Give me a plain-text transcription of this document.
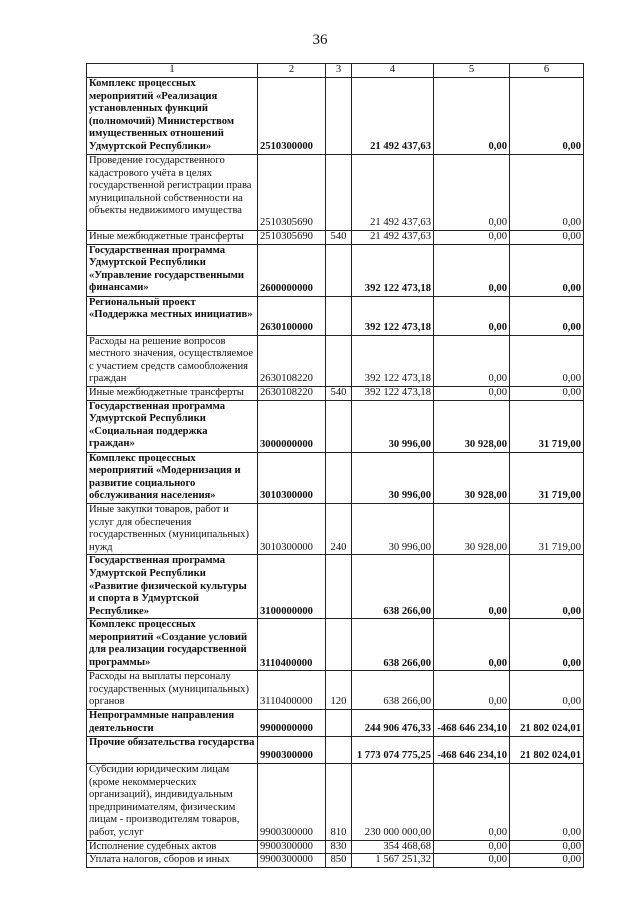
36
1	2	3	4	5	6
Комплекс процессных мероприятий «Реализация установленных функций (полномочий) Министерством имущественных отношений Удмуртской Республики»	2510300000		21 492 437,63	0,00	0,00
Проведение государственного кадастрового учёта в целях государственной регистрации права муниципальной собственности на объекты недвижимого имущества	2510305690		21 492 437,63	0,00	0,00
Иные межбюджетные трансферты	2510305690	540	21 492 437,63	0,00	0,00
Государственная программа Удмуртской Республики «Управление государственными финансами»	2600000000		392 122 473,18	0,00	0,00
Региональный проект «Поддержка местных инициатив»	2630100000		392 122 473,18	0,00	0,00
Расходы на решение вопросов местного значения, осуществляемое с участием средств самообложения граждан	2630108220		392 122 473,18	0,00	0,00
Иные межбюджетные трансферты	2630108220	540	392 122 473,18	0,00	0,00
Государственная программа Удмуртской Республики «Социальная поддержка граждан»	3000000000		30 996,00	30 928,00	31 719,00
Комплекс процессных мероприятий «Модернизация и развитие социального обслуживания населения»	3010300000		30 996,00	30 928,00	31 719,00
Иные закупки товаров, работ и услуг для обеспечения государственных (муниципальных) нужд	3010300000	240	30 996,00	30 928,00	31 719,00
Государственная программа Удмуртской Республики «Развитие физической культуры и спорта в Удмуртской Республике»	3100000000		638 266,00	0,00	0,00
Комплекс процессных мероприятий «Создание условий для реализации государственной программы»	3110400000		638 266,00	0,00	0,00
Расходы на выплаты персоналу государственных (муниципальных) органов	3110400000	120	638 266,00	0,00	0,00
Непрограммные направления деятельности	9900000000		244 906 476,33	-468 646 234,10	21 802 024,01
Прочие обязательства государства	9900300000		1 773 074 775,25	-468 646 234,10	21 802 024,01
Субсидии юридическим лицам (кроме некоммерческих организаций), индивидуальным предпринимателям, физическим лицам - производителям товаров, работ, услуг	9900300000	810	230 000 000,00	0,00	0,00
Исполнение судебных актов	9900300000	830	354 468,68	0,00	0,00
Уплата налогов, сборов и иных	9900300000	850	1 567 251,32	0,00	0,00
